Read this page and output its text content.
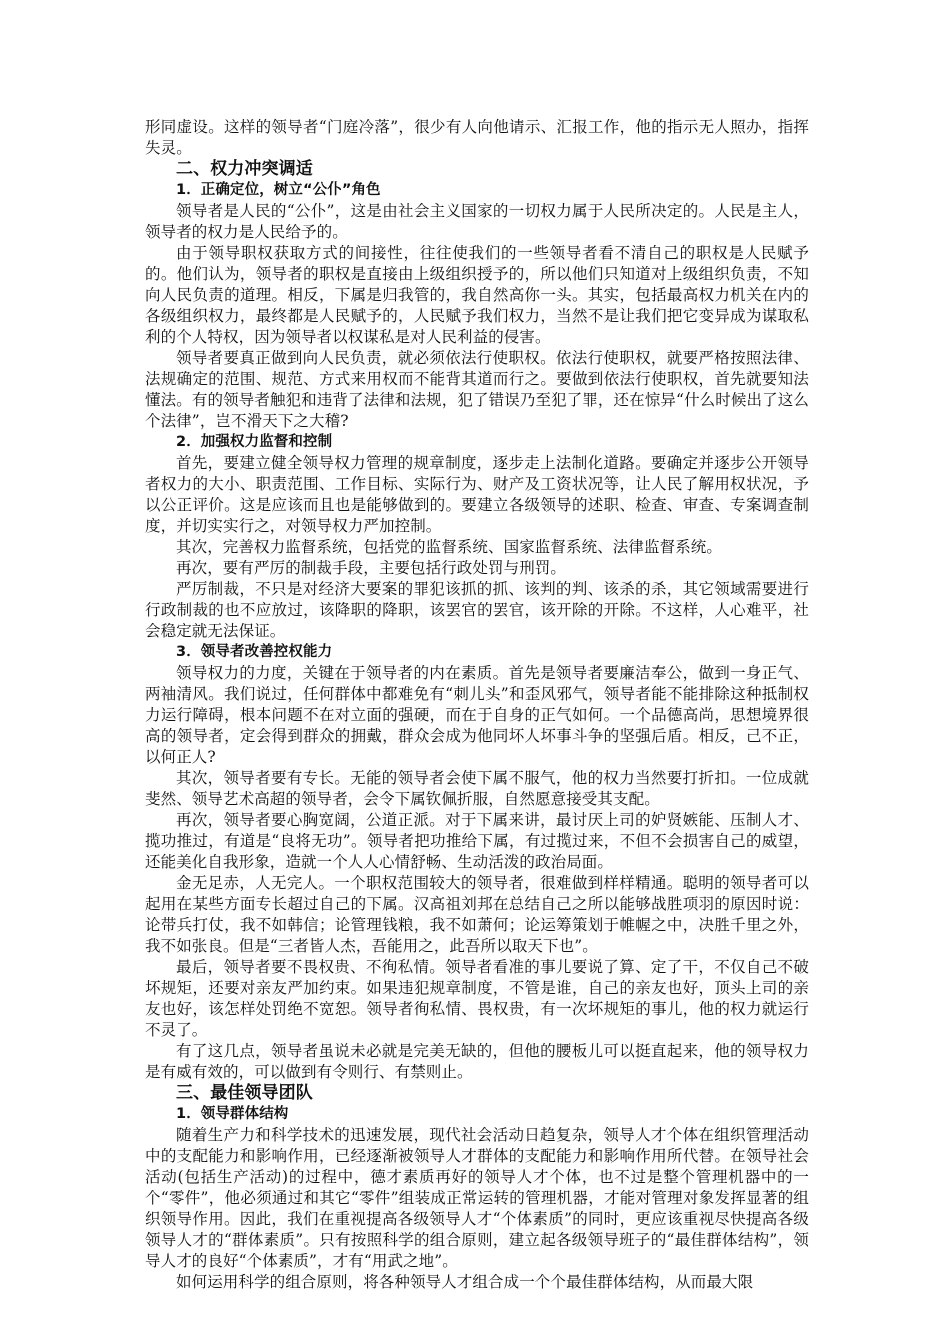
形同虚设。这样的领导者“门庭冷落”，很少有人向他请示、汇报工作，他的指示无人照办，指挥失灵。

二、权力冲突调适

1．正确定位，树立“公仆”角色

领导者是人民的“公仆”，这是由社会主义国家的一切权力属于人民所决定的。人民是主人，领导者的权力是人民给予的。

由于领导职权获取方式的间接性，往往使我们的一些领导者看不清自己的职权是人民赋予的。他们认为，领导者的职权是直接由上级组织授予的，所以他们只知道对上级组织负责，不知向人民负责的道理。相反，下属是归我管的，我自然高你一头。其实，包括最高权力机关在内的各级组织权力，最终都是人民赋予的，人民赋予我们权力，当然不是让我们把它变异成为谋取私利的个人特权，因为领导者以权谋私是对人民利益的侵害。

领导者要真正做到向人民负责，就必须依法行使职权。依法行使职权，就要严格按照法律、法规确定的范围、规范、方式来用权而不能背其道而行之。要做到依法行使职权，首先就要知法懂法。有的领导者触犯和违背了法律和法规，犯了错误乃至犯了罪，还在惊异“什么时候出了这么个法律”，岂不滑天下之大稽?

2．加强权力监督和控制

首先，要建立健全领导权力管理的规章制度，逐步走上法制化道路。要确定并逐步公开领导者权力的大小、职责范围、工作目标、实际行为、财产及工资状况等，让人民了解用权状况，予以公正评价。这是应该而且也是能够做到的。要建立各级领导的述职、检查、审查、专案调查制度，并切实实行之，对领导权力严加控制。

其次，完善权力监督系统，包括党的监督系统、国家监督系统、法律监督系统。

再次，要有严厉的制裁手段，主要包括行政处罚与刑罚。

严厉制裁，不只是对经济大要案的罪犯该抓的抓、该判的判、该杀的杀，其它领域需要进行行政制裁的也不应放过，该降职的降职，该罢官的罢官，该开除的开除。不这样，人心难平，社会稳定就无法保证。

3．领导者改善控权能力

领导权力的力度，关键在于领导者的内在素质。首先是领导者要廉洁奉公，做到一身正气、两袖清风。我们说过，任何群体中都难免有“刺儿头”和歪风邪气，领导者能不能排除这种抵制权力运行障碍，根本问题不在对立面的强硬，而在于自身的正气如何。一个品德高尚，思想境界很高的领导者，定会得到群众的拥戴，群众会成为他同坏人坏事斗争的坚强后盾。相反，己不正，以何正人?

其次，领导者要有专长。无能的领导者会使下属不服气，他的权力当然要打折扣。一位成就斐然、领导艺术高超的领导者，会令下属钦佩折服，自然愿意接受其支配。

再次，领导者要心胸宽阔，公道正派。对于下属来讲，最讨厌上司的妒贤嫉能、压制人才、揽功推过，有道是“良将无功”。领导者把功推给下属，有过揽过来，不但不会损害自己的威望，还能美化自我形象，造就一个人人心情舒畅、生动活泼的政治局面。

金无足赤，人无完人。一个职权范围较大的领导者，很难做到样样精通。聪明的领导者可以起用在某些方面专长超过自己的下属。汉高祖刘邦在总结自己之所以能够战胜项羽的原因时说：论带兵打仗，我不如韩信；论管理钱粮，我不如萧何；论运筹策划于帷幄之中，决胜千里之外，我不如张良。但是“三者皆人杰，吾能用之，此吾所以取天下也”。

最后，领导者要不畏权贵、不徇私情。领导者看准的事儿要说了算、定了干，不仅自己不破坏规矩，还要对亲友严加约束。如果违犯规章制度，不管是谁，自己的亲友也好，顶头上司的亲友也好，该怎样处罚绝不宽恕。领导者徇私情、畏权贵，有一次坏规矩的事儿，他的权力就运行不灵了。

有了这几点，领导者虽说未必就是完美无缺的，但他的腰板儿可以挺直起来，他的领导权力是有威有效的，可以做到有令则行、有禁则止。

三、最佳领导团队

1．领导群体结构

随着生产力和科学技术的迅速发展，现代社会活动日趋复杂，领导人才个体在组织管理活动中的支配能力和影响作用，已经逐渐被领导人才群体的支配能力和影响作用所代替。在领导社会活动(包括生产活动)的过程中，德才素质再好的领导人才个体，也不过是整个管理机器中的一个“零件”，他必须通过和其它“零件”组装成正常运转的管理机器，才能对管理对象发挥显著的组织领导作用。因此，我们在重视提高各级领导人才“个体素质”的同时，更应该重视尽快提高各级领导人才的“群体素质”。只有按照科学的组合原则，建立起各级领导班子的“最佳群体结构”，领导人才的良好“个体素质”，才有“用武之地”。

如何运用科学的组合原则，将各种领导人才组合成一个个最佳群体结构，从而最大限
